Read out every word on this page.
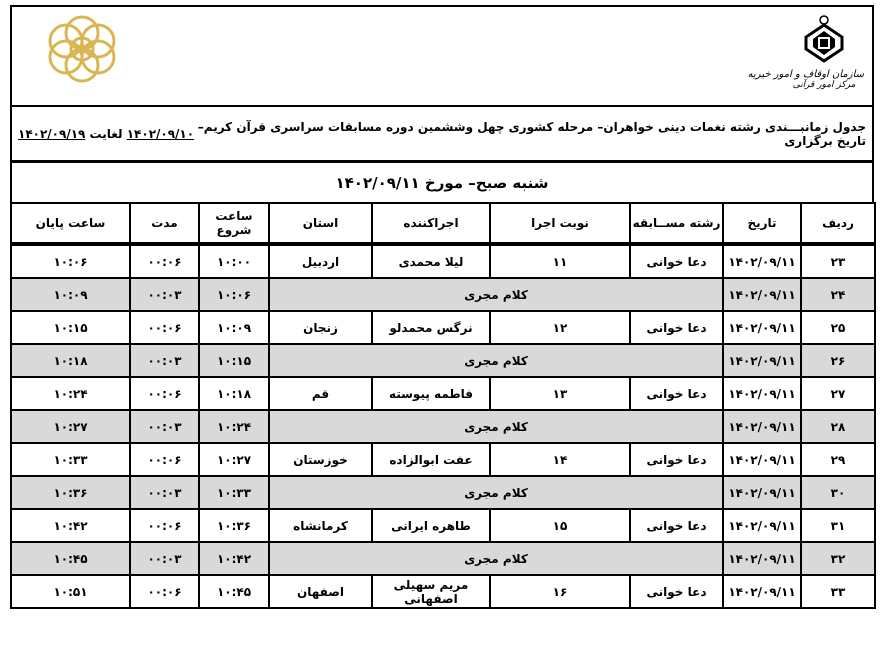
سازمان اوقاف و امور خیریه
مرکز امور قرآنی
جدول زمانبـــندی رشته نغمات دینی خواهران– مرحله کشوری چهل وششمین دوره مسابقات سراسری قرآن کریم– تاریخ برگزاری
۱۴۰۲/۰۹/۱۰
لغایت
۱۴۰۲/۰۹/۱۹
شنبه صبح– مورخ ۱۴۰۲/۰۹/۱۱
ردیف	تاریخ	رشته مســابقه	نوبت اجرا	اجراکننده	استان	ساعت شروع	مدت	ساعت پایان
۲۳	۱۴۰۲/۰۹/۱۱	دعا خوانی	۱۱	لیلا محمدی	اردبیل	۱۰:۰۰	۰۰:۰۶	۱۰:۰۶
۲۴	۱۴۰۲/۰۹/۱۱	کلام مجری				۱۰:۰۶	۰۰:۰۳	۱۰:۰۹
۲۵	۱۴۰۲/۰۹/۱۱	دعا خوانی	۱۲	نرگس محمدلو	زنجان	۱۰:۰۹	۰۰:۰۶	۱۰:۱۵
۲۶	۱۴۰۲/۰۹/۱۱	کلام مجری				۱۰:۱۵	۰۰:۰۳	۱۰:۱۸
۲۷	۱۴۰۲/۰۹/۱۱	دعا خوانی	۱۳	فاطمه پیوسته	قم	۱۰:۱۸	۰۰:۰۶	۱۰:۲۴
۲۸	۱۴۰۲/۰۹/۱۱	کلام مجری				۱۰:۲۴	۰۰:۰۳	۱۰:۲۷
۲۹	۱۴۰۲/۰۹/۱۱	دعا خوانی	۱۴	عفت ابوالزاده	خوزستان	۱۰:۲۷	۰۰:۰۶	۱۰:۳۳
۳۰	۱۴۰۲/۰۹/۱۱	کلام مجری				۱۰:۳۳	۰۰:۰۳	۱۰:۳۶
۳۱	۱۴۰۲/۰۹/۱۱	دعا خوانی	۱۵	طاهره ایرانی	کرمانشاه	۱۰:۳۶	۰۰:۰۶	۱۰:۴۲
۳۲	۱۴۰۲/۰۹/۱۱	کلام مجری				۱۰:۴۲	۰۰:۰۳	۱۰:۴۵
۳۳	۱۴۰۲/۰۹/۱۱	دعا خوانی	۱۶	مریم سهیلی اصفهانی	اصفهان	۱۰:۴۵	۰۰:۰۶	۱۰:۵۱
